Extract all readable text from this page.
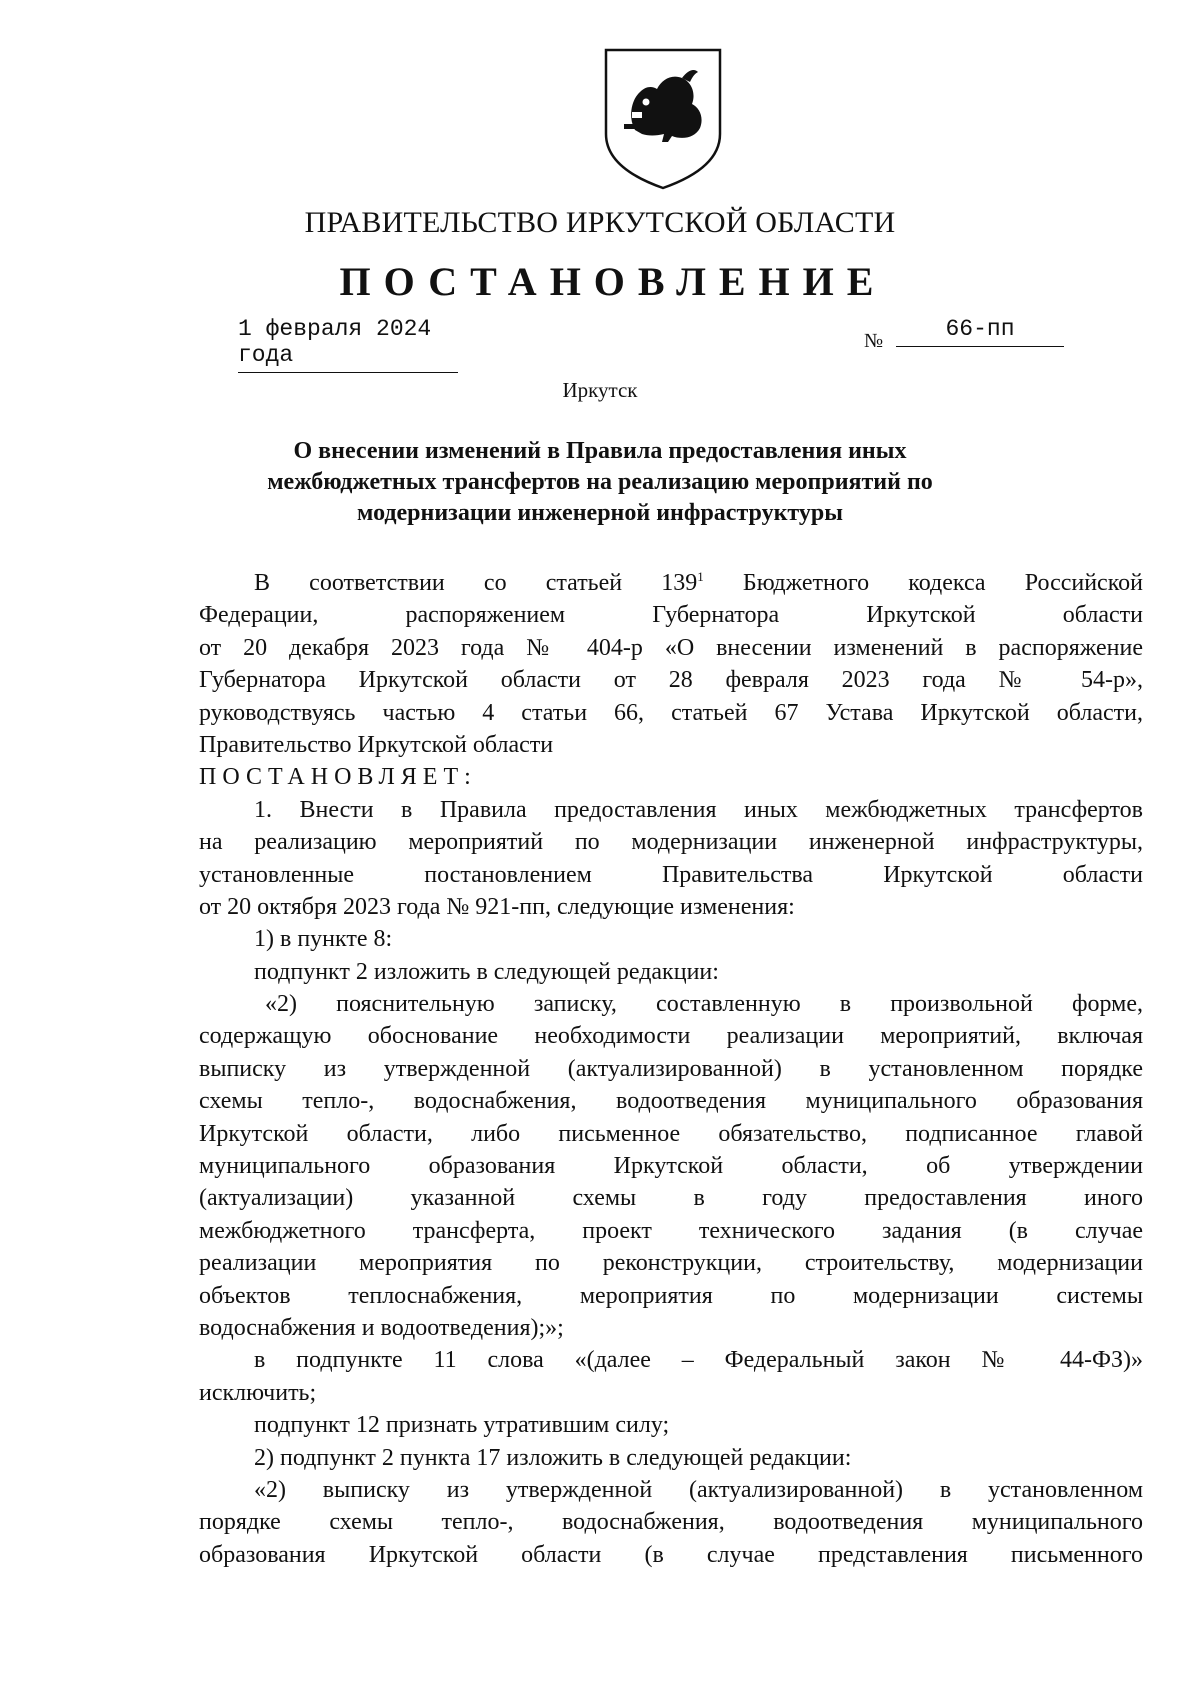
ПРАВИТЕЛЬСТВО ИРКУТСКОЙ ОБЛАСТИ
ПОСТАНОВЛЕНИЕ
1 февраля 2024 года
№	66-пп
Иркутск
О внесении изменений в Правила предоставления иных
межбюджетных трансфертов на реализацию мероприятий по
модернизации инженерной инфраструктуры
В соответствии со статьей $139^1$ Бюджетного кодекса Российской
Федерации, распоряжением Губернатора Иркутской области
от 20 декабря 2023 года № 404-р «О внесении изменений в распоряжение
Губернатора Иркутской области от 28 февраля 2023 года № 54-р»,
руководствуясь частью 4 статьи 66, статьей 67 Устава Иркутской области,
Правительство Иркутской области
ПОСТАНОВЛЯЕТ:
1. Внести в Правила предоставления иных межбюджетных трансфертов
на реализацию мероприятий по модернизации инженерной инфраструктуры,
установленные постановлением Правительства Иркутской области
от 20 октября 2023 года № 921-пп, следующие изменения:
1) в пункте 8:
подпункт 2 изложить в следующей редакции:
«2) пояснительную записку, составленную в произвольной форме,
содержащую обоснование необходимости реализации мероприятий, включая
выписку из утвержденной (актуализированной) в установленном порядке
схемы тепло-, водоснабжения, водоотведения муниципального образования
Иркутской области, либо письменное обязательство, подписанное главой
муниципального образования Иркутской области, об утверждении
(актуализации) указанной схемы в году предоставления иного
межбюджетного трансферта, проект технического задания (в случае
реализации мероприятия по реконструкции, строительству, модернизации
объектов теплоснабжения, мероприятия по модернизации системы
водоснабжения и водоотведения);»;
в подпункте 11 слова «(далее – Федеральный закон № 44-ФЗ)»
исключить;
подпункт 12 признать утратившим силу;
2) подпункт 2 пункта 17 изложить в следующей редакции:
«2) выписку из утвержденной (актуализированной) в установленном
порядке схемы тепло-, водоснабжения, водоотведения муниципального
образования Иркутской области (в случае представления письменного
